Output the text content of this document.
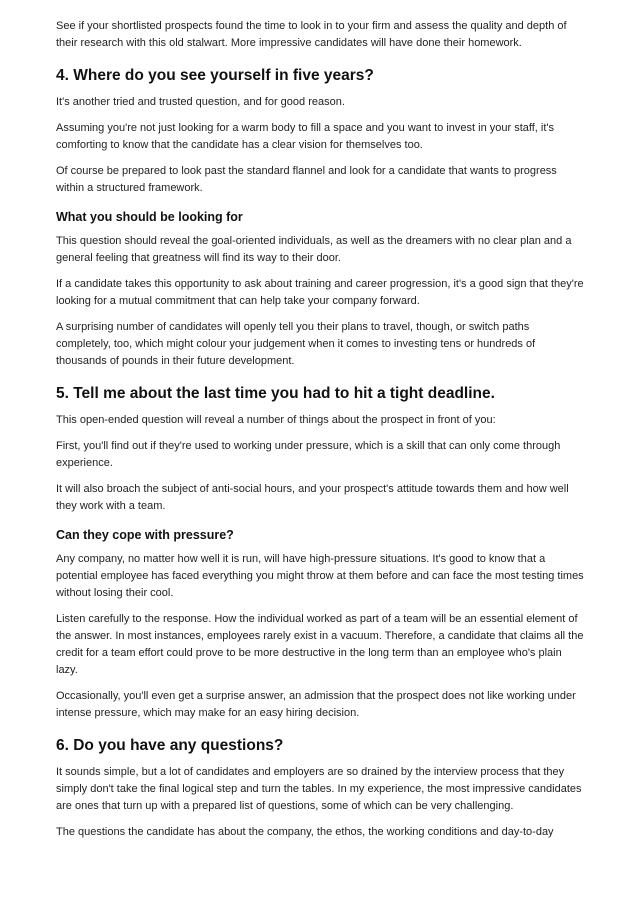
See if your shortlisted prospects found the time to look in to your firm and assess the quality and depth of their research with this old stalwart. More impressive candidates will have done their homework.

4. Where do you see yourself in five years?

It's another tried and trusted question, and for good reason.

Assuming you're not just looking for a warm body to fill a space and you want to invest in your staff, it's comforting to know that the candidate has a clear vision for themselves too.

Of course be prepared to look past the standard flannel and look for a candidate that wants to progress within a structured framework.

What you should be looking for

This question should reveal the goal-oriented individuals, as well as the dreamers with no clear plan and a general feeling that greatness will find its way to their door.

If a candidate takes this opportunity to ask about training and career progression, it's a good sign that they're looking for a mutual commitment that can help take your company forward.

A surprising number of candidates will openly tell you their plans to travel, though, or switch paths completely, too, which might colour your judgement when it comes to investing tens or hundreds of thousands of pounds in their future development.

5. Tell me about the last time you had to hit a tight deadline.

This open-ended question will reveal a number of things about the prospect in front of you:

First, you'll find out if they're used to working under pressure, which is a skill that can only come through experience.

It will also broach the subject of anti-social hours, and your prospect's attitude towards them and how well they work with a team.

Can they cope with pressure?

Any company, no matter how well it is run, will have high-pressure situations. It's good to know that a potential employee has faced everything you might throw at them before and can face the most testing times without losing their cool.

Listen carefully to the response. How the individual worked as part of a team will be an essential element of the answer. In most instances, employees rarely exist in a vacuum. Therefore, a candidate that claims all the credit for a team effort could prove to be more destructive in the long term than an employee who's plain lazy.

Occasionally, you'll even get a surprise answer, an admission that the prospect does not like working under intense pressure, which may make for an easy hiring decision.

6. Do you have any questions?

It sounds simple, but a lot of candidates and employers are so drained by the interview process that they simply don't take the final logical step and turn the tables. In my experience, the most impressive candidates are ones that turn up with a prepared list of questions, some of which can be very challenging.

The questions the candidate has about the company, the ethos, the working conditions and day-to-day
